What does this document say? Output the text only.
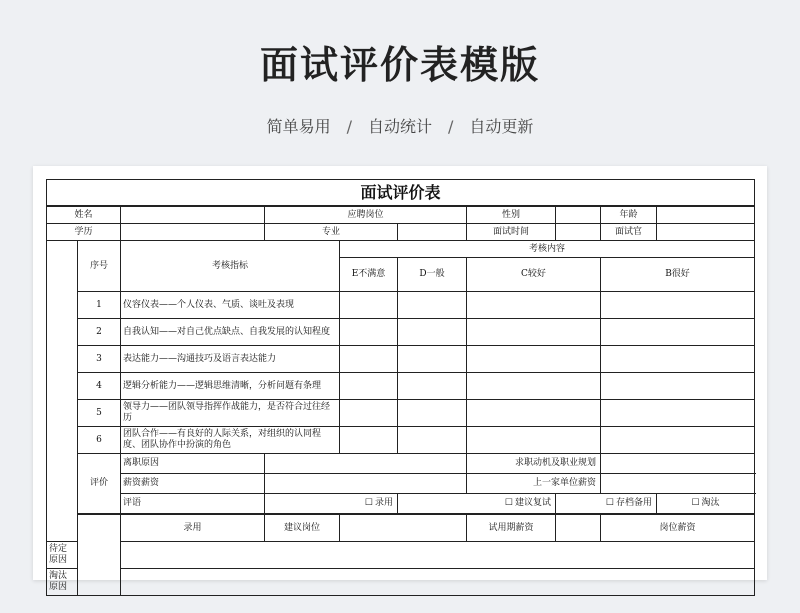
面试评价表模版
简单易用 / 自动统计 / 自动更新
面试评价表										
姓名			应聘岗位			性别		年龄		
学历			专业			面试时间		面试官		
	序号	考核指标		考核内容						
				E不满意	D一般	C较好		B很好	
	1	仪容仪表——个人仪表、气质、谈吐及表现								
	2	自我认知——对自己优点缺点、自我发展的认知程度								
	3	表达能力——沟通技巧及语言表达能力								
	4	逻辑分析能力——逻辑思维清晰，分析问题有条理								
	5	领导力——团队领导指挥作战能力，是否符合过往经历								
	6	团队合作——有良好的人际关系，对组织的认同程度、团队协作中扮演的角色								
	评价	离职原因				求职动机及职业规划				
		薪资薪资				上一家单位薪资				
		评语	☐ 录用		☐ 建议复试		☐ 存档备用		☐ 淘汰	
		录用	建议岗位			试用期薪资		岗位薪资		
待定原因										
淘汰原因										
